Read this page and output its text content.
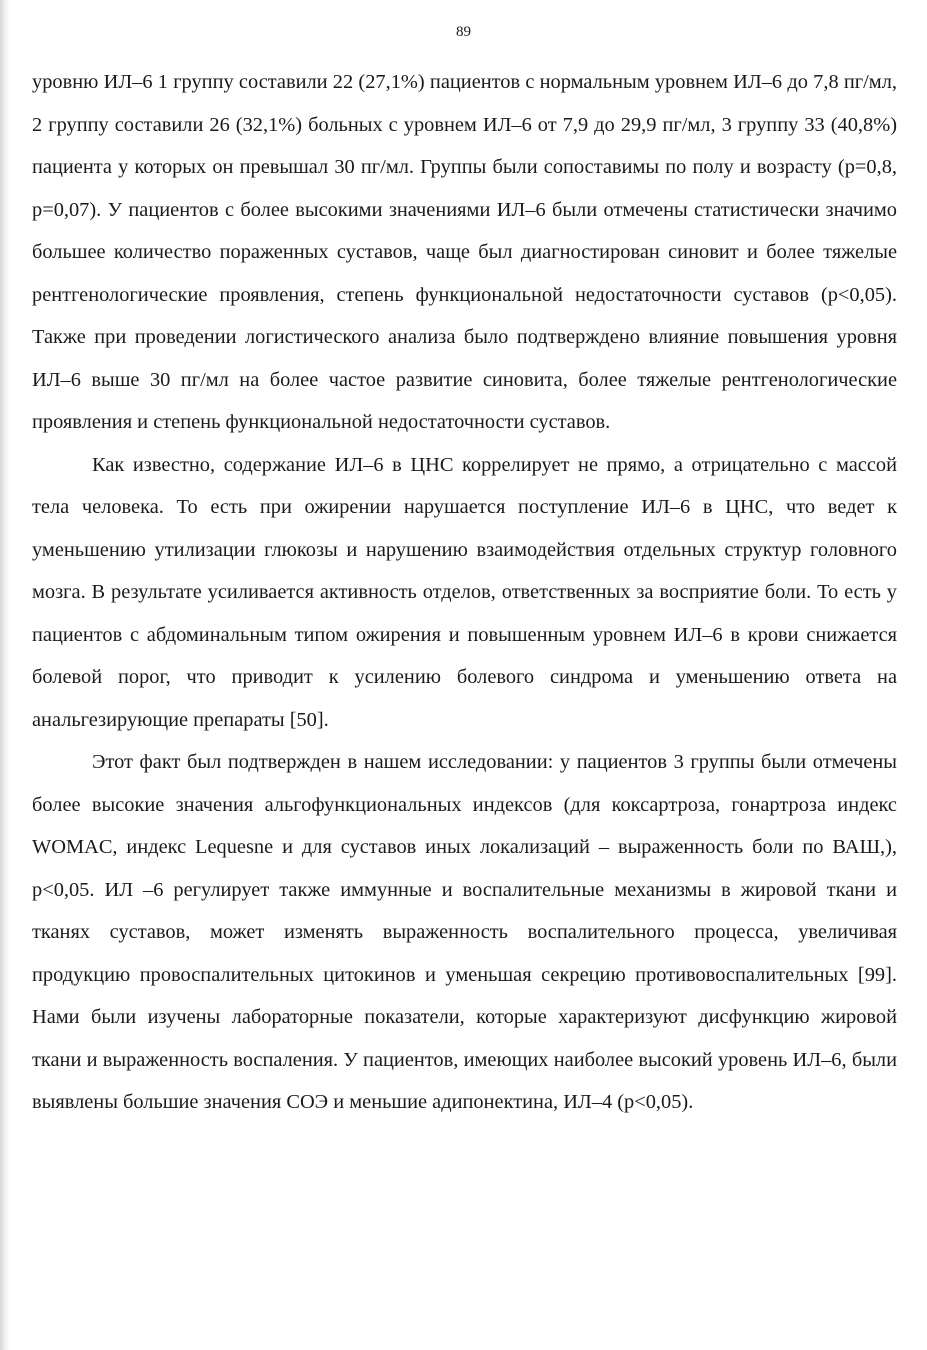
89

уровню ИЛ–6 1 группу составили 22 (27,1%) пациентов с нормальным уровнем ИЛ–6 до 7,8 пг/мл, 2 группу составили 26 (32,1%) больных с уровнем ИЛ–6 от 7,9 до 29,9 пг/мл, 3 группу 33 (40,8%) пациента у которых он превышал 30 пг/мл. Группы были сопоставимы по полу и возрасту (р=0,8, р=0,07). У пациентов с более высокими значениями ИЛ–6 были отмечены статистически значимо большее количество пораженных суставов, чаще был диагностирован синовит и более тяжелые рентгенологические проявления, степень функциональной недостаточности суставов (р<0,05). Также при проведении логистического анализа было подтверждено влияние повышения уровня ИЛ–6 выше 30 пг/мл на более частое развитие синовита, более тяжелые рентгенологические проявления и степень функциональной недостаточности суставов.

Как известно, содержание ИЛ–6 в ЦНС коррелирует не прямо, а отрицательно с массой тела человека. То есть при ожирении нарушается поступление ИЛ–6 в ЦНС, что ведет к уменьшению утилизации глюкозы и нарушению взаимодействия отдельных структур головного мозга. В результате усиливается активность отделов, ответственных за восприятие боли. То есть у пациентов с абдоминальным типом ожирения и повышенным уровнем ИЛ–6 в крови снижается болевой порог, что приводит к усилению болевого синдрома и уменьшению ответа на анальгезирующие препараты [50].

Этот факт был подтвержден в нашем исследовании: у пациентов 3 группы были отмечены более высокие значения альгофункциональных индексов (для коксартроза, гонартроза индекс WOMAC, индекс Lequesne и для суставов иных локализаций – выраженность боли по ВАШ,), р<0,05. ИЛ –6 регулирует также иммунные и воспалительные механизмы в жировой ткани и тканях суставов, может изменять выраженность воспалительного процесса, увеличивая продукцию провоспалительных цитокинов и уменьшая секрецию противовоспалительных [99]. Нами были изучены лабораторные показатели, которые характеризуют дисфункцию жировой ткани и выраженность воспаления. У пациентов, имеющих наиболее высокий уровень ИЛ–6, были выявлены большие значения СОЭ и меньшие адипонектина, ИЛ–4 (р<0,05).
